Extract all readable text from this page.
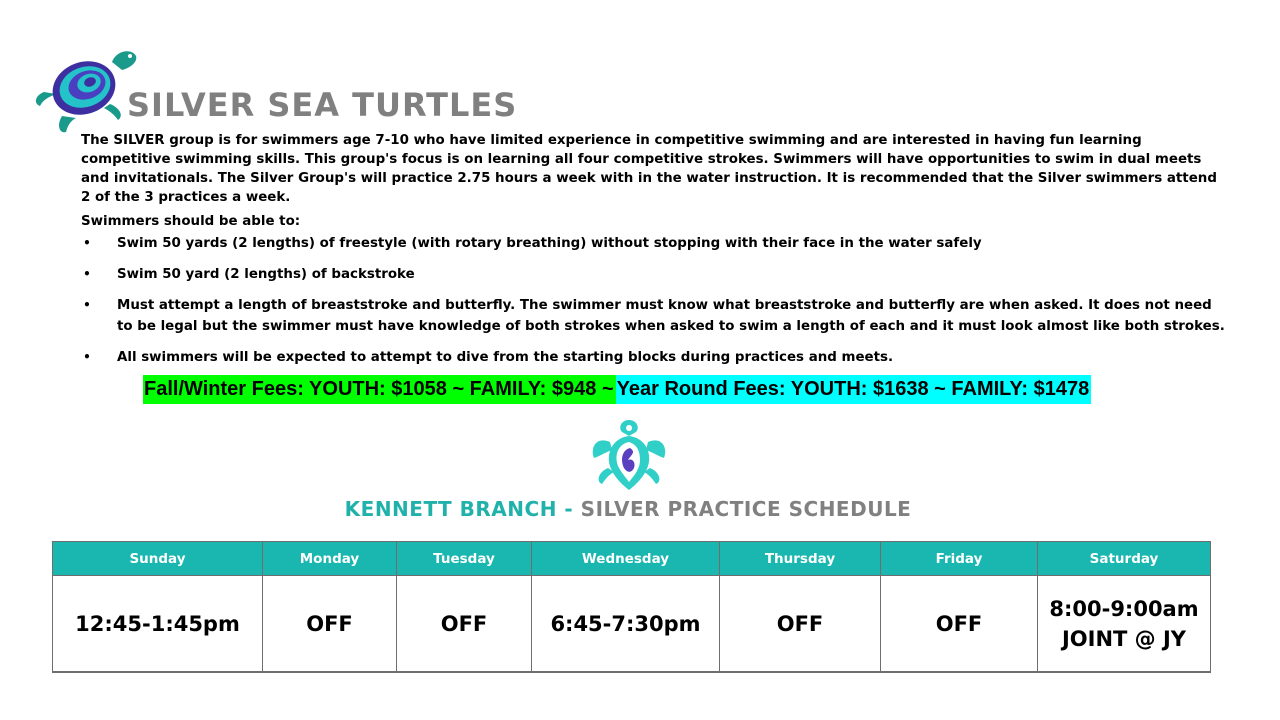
SILVER SEA TURTLES

The SILVER group is for swimmers age 7-10 who have limited experience in competitive swimming and are interested in having fun learning competitive swimming skills. This group's focus is on learning all four competitive strokes. Swimmers will have opportunities to swim in dual meets and invitationals. The Silver Group's will practice 2.75 hours a week with in the water instruction. It is recommended that the Silver swimmers attend 2 of the 3 practices a week.

Swimmers should be able to:

• Swim 50 yards (2 lengths) of freestyle (with rotary breathing) without stopping with their face in the water safely
• Swim 50 yard (2 lengths) of backstroke
• Must attempt a length of breaststroke and butterfly. The swimmer must know what breaststroke and butterfly are when asked. It does not need to be legal but the swimmer must have knowledge of both strokes when asked to swim a length of each and it must look almost like both strokes.
• All swimmers will be expected to attempt to dive from the starting blocks during practices and meets.
Fall/Winter Fees: YOUTH: $1058 ~ FAMILY: $948 ~ Year Round Fees: YOUTH: $1638 ~ FAMILY: $1478
KENNETT BRANCH - SILVER PRACTICE SCHEDULE
Sunday	Monday	Tuesday	Wednesday	Thursday	Friday	Saturday
12:45-1:45pm	OFF	OFF	6:45-7:30pm	OFF	OFF	8:00-9:00am
JOINT @ JY
